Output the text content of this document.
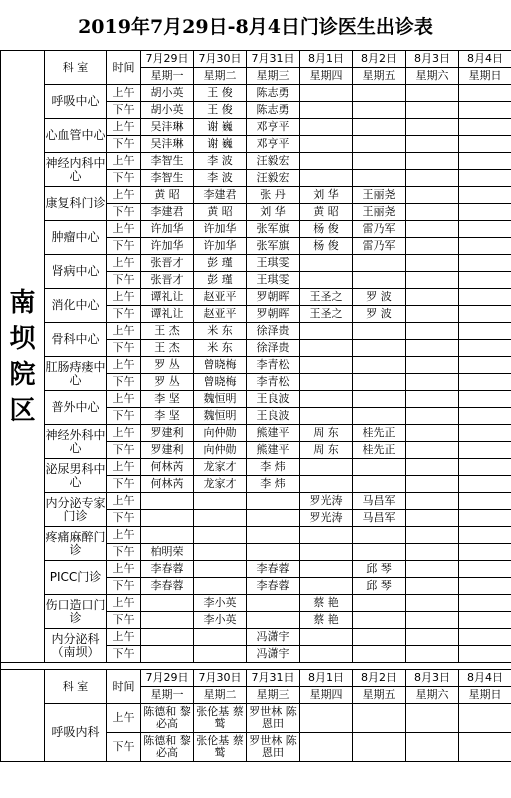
2019年7月29日-8月4日门诊医生出诊表
南坝院区	科 室	时间	7月29日	7月30日	7月31日	8月1日	8月2日	8月3日	8月4日
			星期一	星期二	星期三	星期四	星期五	星期六	星期日
	呼吸中心	上午	胡小英	王 俊	陈志勇				
		下午	胡小英	王 俊	陈志勇				
	心血管中心	上午	吴沣琳	谢 巍	邓亨平				
		下午	吴沣琳	谢 巍	邓亨平				
	神经内科中心	上午	李智生	李 波	汪毅宏				
		下午	李智生	李 波	汪毅宏				
	康复科门诊	上午	黄 昭	李建君	张 丹	刘 华	王丽尧		
		下午	李建君	黄 昭	刘 华	黄 昭	王丽尧		
	肿瘤中心	上午	许加华	许加华	张军旗	杨 俊	雷乃军		
		下午	许加华	许加华	张军旗	杨 俊	雷乃军		
	肾病中心	上午	张晋才	彭 瑾	王琪雯				
		下午	张晋才	彭 瑾	王琪雯				
	消化中心	上午	谭礼让	赵亚平	罗朝晖	王圣之	罗 波		
		下午	谭礼让	赵亚平	罗朝晖	王圣之	罗 波		
	骨科中心	上午	王 杰	米 东	徐泽贵				
		下午	王 杰	米 东	徐泽贵				
	肛肠痔瘘中心	上午	罗 丛	曾晓梅	李青松				
		下午	罗 丛	曾晓梅	李青松				
	普外中心	上午	李 坚	魏恒明	王良波				
		下午	李 坚	魏恒明	王良波				
	神经外科中心	上午	罗建利	向仲勋	熊建平	周 东	桂先正		
		下午	罗建利	向仲勋	熊建平	周 东	桂先正		
	泌尿男科中心	上午	何林芮	龙家才	李 炜				
		下午	何林芮	龙家才	李 炜				
	内分泌专家门诊	上午				罗光涛	马昌军		
		下午				罗光涛	马昌军		
	疼痛麻醉门诊	上午							
		下午	柏明荣						
	PICC门诊	上午	李春蓉		李春蓉		邱 琴		
		下午	李春蓉		李春蓉		邱 琴		
	伤口造口门诊	上午		李小英		蔡 艳			
		下午		李小英		蔡 艳			
	内分泌科（南坝）	上午			冯潇宇				
		下午			冯潇宇				

	科 室	时间	7月29日	7月30日	7月31日	8月1日	8月2日	8月3日	8月4日
			星期一	星期二	星期三	星期四	星期五	星期六	星期日
	呼吸内科	上午	陈德和 黎必高	张伦基 蔡 鹫	罗世林 陈恩田				
		下午	陈德和 黎必高	张伦基 蔡 鹫	罗世林 陈恩田				
